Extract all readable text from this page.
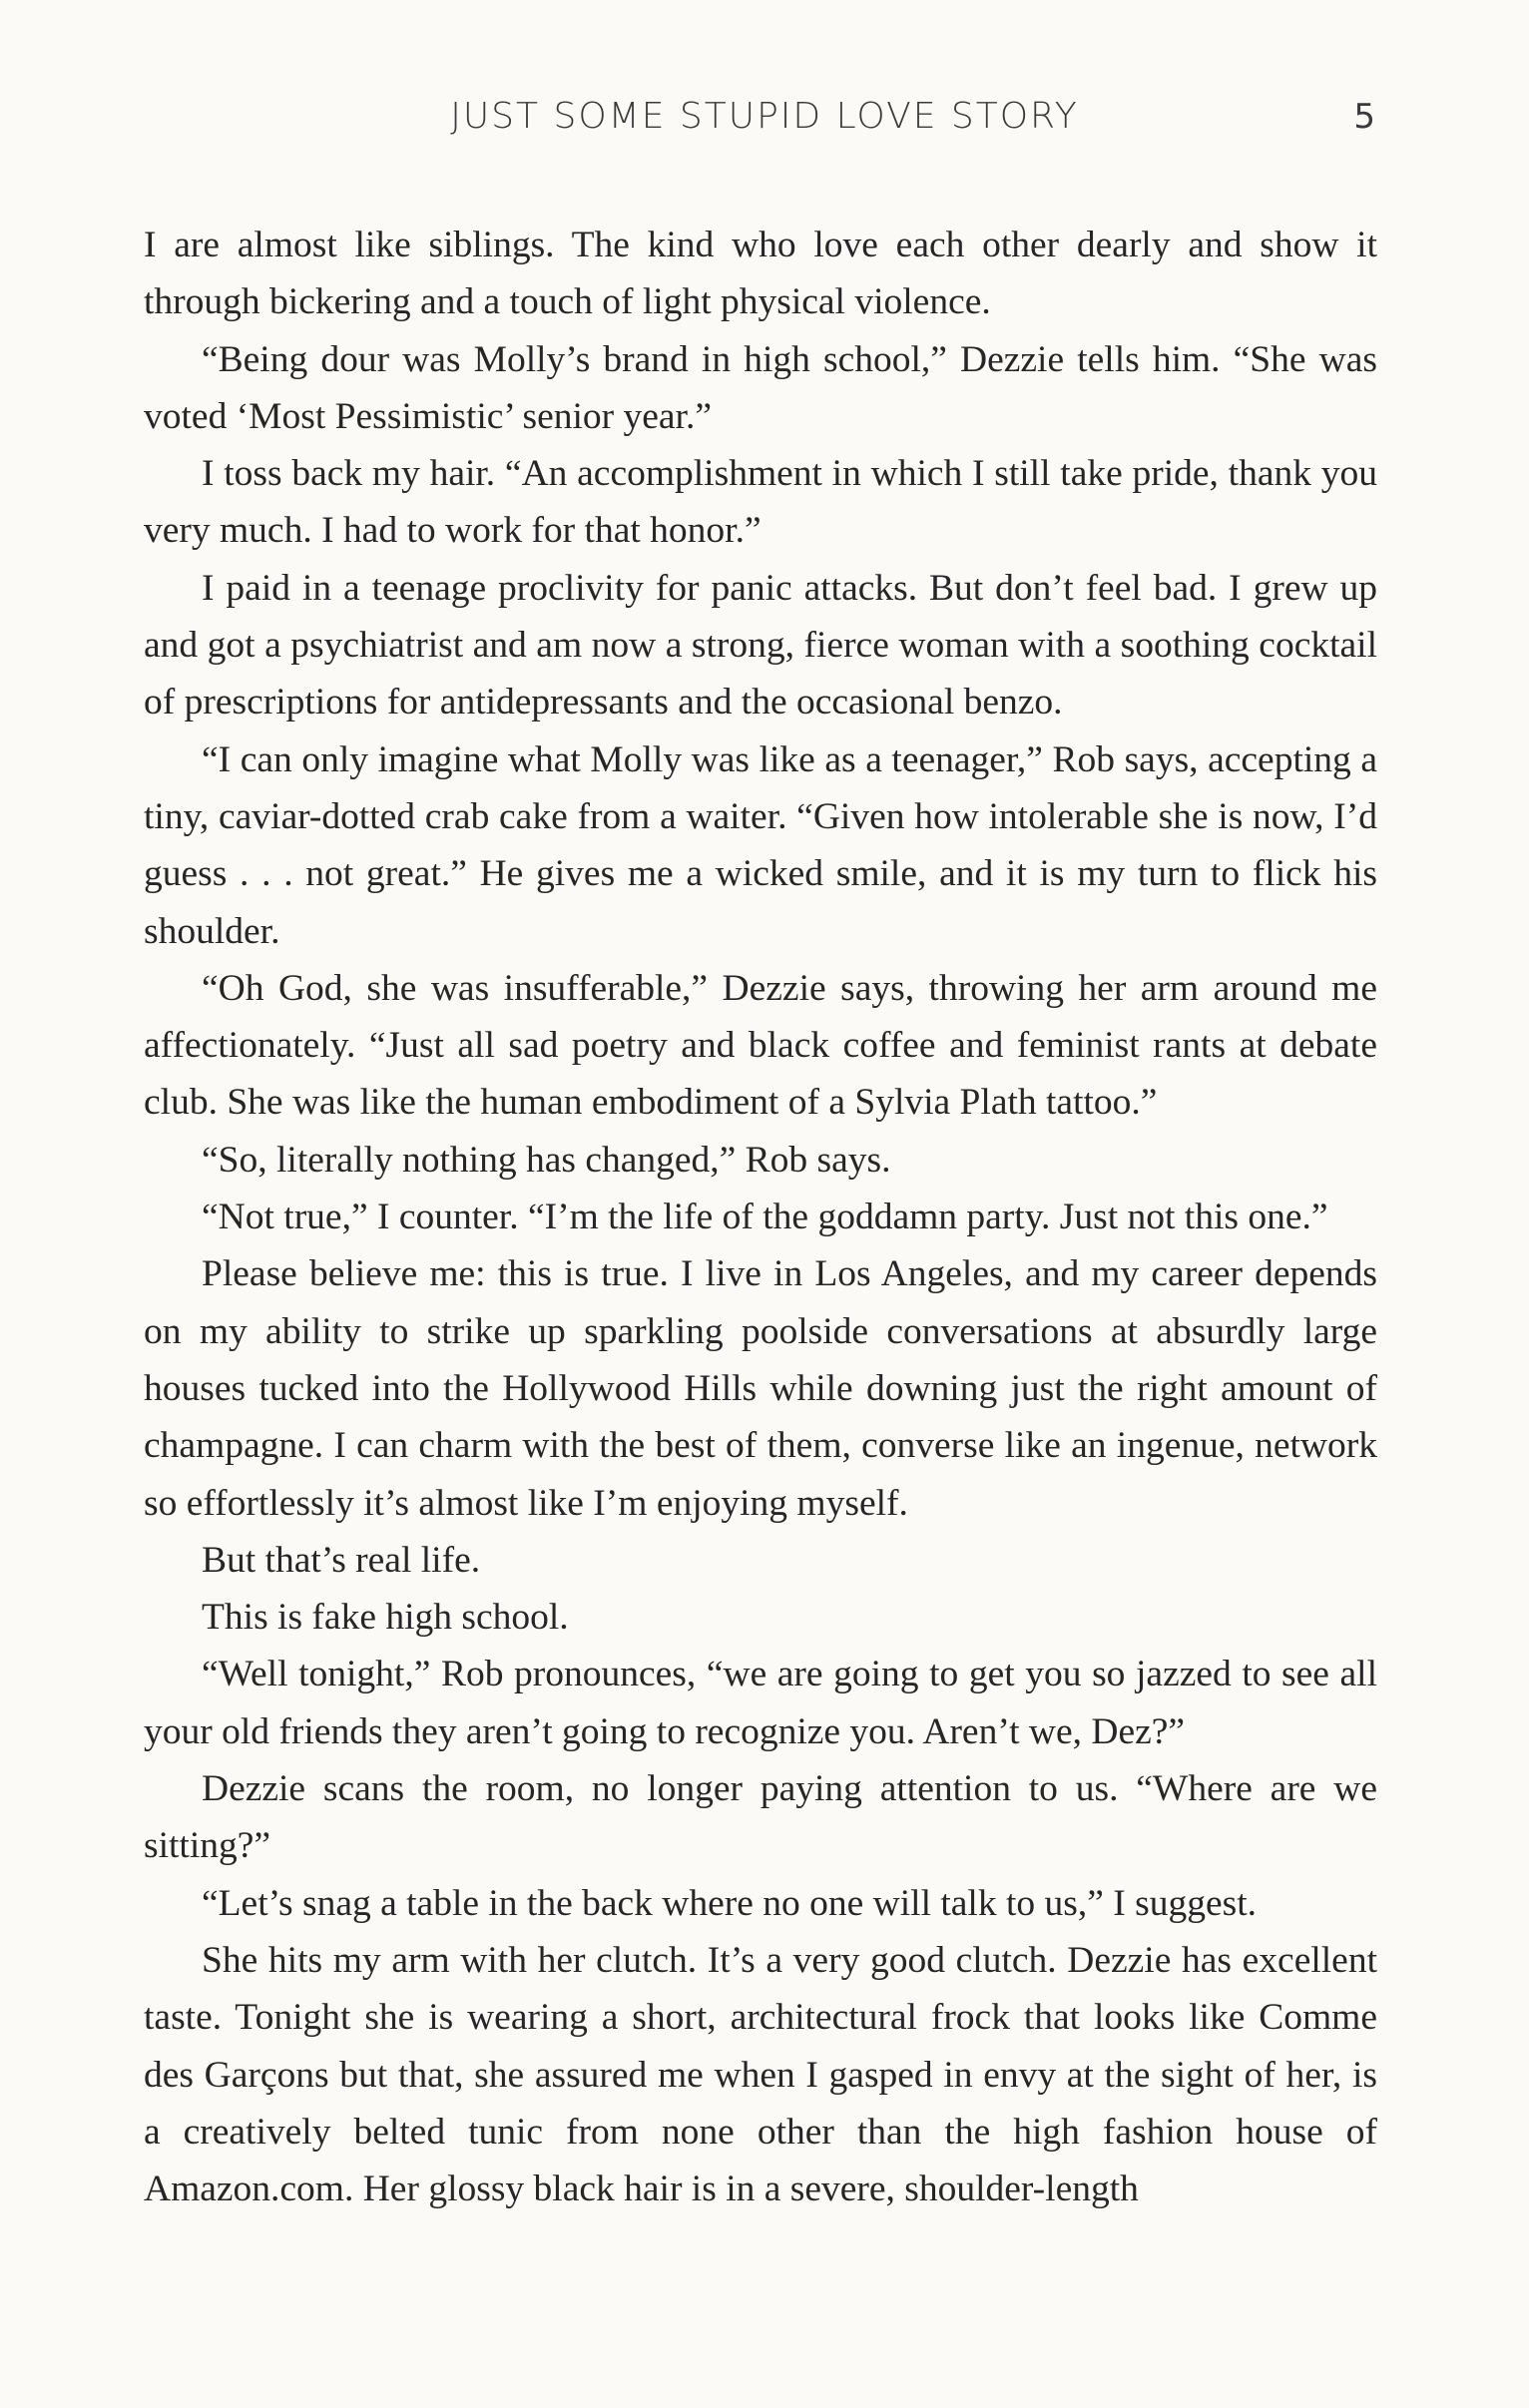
JUST SOME STUPID LOVE STORY	5

I are almost like siblings. The kind who love each other dearly and show it through bickering and a touch of light physical violence.

“Being dour was Molly’s brand in high school,” Dezzie tells him. “She was voted ‘Most Pessimistic’ senior year.”

I toss back my hair. “An accomplishment in which I still take pride, thank you very much. I had to work for that honor.”

I paid in a teenage proclivity for panic attacks. But don’t feel bad. I grew up and got a psychiatrist and am now a strong, fierce woman with a soothing cocktail of prescriptions for antidepressants and the occasional benzo.

“I can only imagine what Molly was like as a teenager,” Rob says, accepting a tiny, caviar-dotted crab cake from a waiter. “Given how intolerable she is now, I’d guess . . . not great.” He gives me a wicked smile, and it is my turn to flick his shoulder.

“Oh God, she was insufferable,” Dezzie says, throwing her arm around me affectionately. “Just all sad poetry and black coffee and feminist rants at debate club. She was like the human embodiment of a Sylvia Plath tattoo.”

“So, literally nothing has changed,” Rob says.

“Not true,” I counter. “I’m the life of the goddamn party. Just not this one.”

Please believe me: this is true. I live in Los Angeles, and my career depends on my ability to strike up sparkling poolside conversations at absurdly large houses tucked into the Hollywood Hills while downing just the right amount of champagne. I can charm with the best of them, converse like an ingenue, network so effortlessly it’s almost like I’m enjoying myself.

But that’s real life.

This is fake high school.

“Well tonight,” Rob pronounces, “we are going to get you so jazzed to see all your old friends they aren’t going to recognize you. Aren’t we, Dez?”

Dezzie scans the room, no longer paying attention to us. “Where are we sitting?”

“Let’s snag a table in the back where no one will talk to us,” I suggest.

She hits my arm with her clutch. It’s a very good clutch. Dezzie has excellent taste. Tonight she is wearing a short, architectural frock that looks like Comme des Garçons but that, she assured me when I gasped in envy at the sight of her, is a creatively belted tunic from none other than the high fashion house of Amazon.com. Her glossy black hair is in a severe, shoulder-length
